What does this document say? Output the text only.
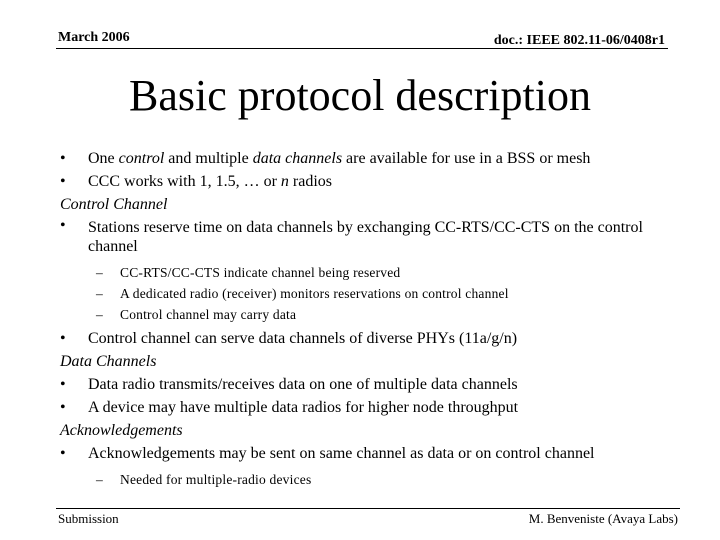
March 2006	doc.: IEEE 802.11-06/0408r1
Basic protocol description
• One control and multiple data channels are available for use in a BSS or mesh
• CCC works with 1, 1.5, … or n radios
Control Channel
• Stations reserve time on data channels by exchanging CC-RTS/CC-CTS on the control channel
– CC-RTS/CC-CTS indicate channel being reserved
– A dedicated radio (receiver) monitors reservations on control channel
– Control channel may carry data
• Control channel can serve data channels of diverse PHYs (11a/g/n)
Data Channels
• Data radio transmits/receives data on one of multiple data channels
• A device may have multiple data radios for higher node throughput
Acknowledgements
• Acknowledgements may be sent on same channel as data or on control channel
– Needed for multiple-radio devices
Submission	M. Benveniste (Avaya Labs)
